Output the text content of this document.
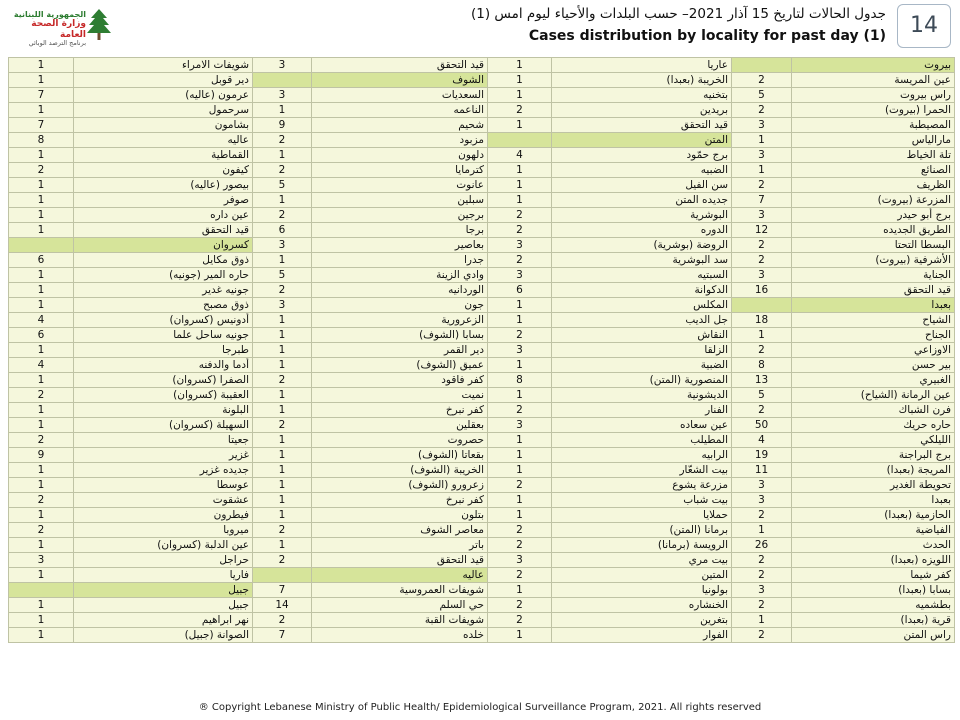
الجمهورية اللبنانية
وزارة الصحة العامة
برنامج الترصد الوبائي
جدول الحالات لتاريخ 15 آذار 2021– حسب البلدات والأحياء ليوم امس (1)
Cases distribution by locality for past day (1)	14
1	شويفات الامراء	3	قيد التحقق	1	عاريا		بيروت
1	دير قوبل		الشوف	1	الخريبة (بعبدا)	2	عين المريسة
7	عرمون (عاليه)	3	السعديات	1	بتخنيه	5	راس بيروت
1	سرحمول	1	الناعمه	2	بريدين	2	الحمرا (بيروت)
7	بشامون	9	شحيم	1	قيد التحقق	3	المصيطبة
8	عاليه	2	مزبود		المتن	1	مارالياس
1	القماطية	1	دلهون	4	برج حمّود	3	تلة الخياط
2	كيفون	2	كترمايا	1	الضبيه	1	الصنائع
1	بيصور (عاليه)	5	عانوت	1	سن الفيل	2	الظريف
1	صوفر	1	سبلين	1	جديده المتن	7	المزرعة (بيروت)
1	عين داره	2	برجين	2	البوشرية	3	برج أبو حيدر
1	قيد التحقق	6	برجا	2	الدوره	12	الطريق الجديده
	كسروان	3	بعاصير	3	الروضة (بوشرية)	2	البسطا التحتا
6	ذوق مكايل	1	جدرا	2	سد البوشرية	2	الأشرفية (بيروت)
1	حاره المير (جونيه)	5	وادي الزينة	3	السبتيه	3	الجناية
1	جونيه غدير	2	الوردانيه	6	الدكوانة	16	قيد التحقق
1	ذوق مصبح	3	جون	1	المكلس		بعبدا
4	أدونيس (كسروان)	1	الزعرورية	1	جل الديب	18	الشياح
6	جونيه ساحل علما	1	بسابا (الشوف)	2	النقاش	1	الجناح
1	طبرجا	1	دير القمر	3	الزلقا	2	الاوزاعي
4	أدما والدفنه	1	عميق (الشوف)	1	الضبية	8	بير حسن
1	الصفرا (كسروان)	2	كفر فاقود	8	المنصورية (المتن)	13	الغبيري
2	العقيبة (كسروان)	1	نميت	1	الديشونية	5	عين الرمانة (الشياح)
1	البلونة	1	كفر نبرخ	2	الفنار	2	فرن الشباك
1	السهيلة (كسروان)	2	بعقلين	3	عين سعاده	50	حاره حريك
2	جعيتا	1	حصروت	1	المطيلب	4	الليلكي
9	غزير	1	بقعاتا (الشوف)	1	الرابيه	19	برج البراجنة
1	جديده غزير	1	الخريبة (الشوف)	1	بيت الشعّار	11	المريجة (بعبدا)
1	عوسطا	1	زعرورو (الشوف)	2	مزرعة يشوع	3	تحويطة الغدير
2	عشقوت	1	كفر نبرخ	1	بيت شباب	3	بعبدا
1	فيطرون	1	بتلون	1	حملايا	2	الحازمية (بعبدا)
2	ميروبا	2	معاصر الشوف	2	برمانا (المتن)	1	الفياضية
1	عين الدلبة (كسروان)	1	باتر	2	الرويسة (برمانا)	26	الحدث
3	حراجل	2	قيد التحقق	3	بيت مري	2	اللويزه (بعبدا)
1	فاريا		عاليه	2	المتين	2	كفر شيما
	جبيل	7	شويفات العمروسية	1	بولونيا	3	بسابا (بعبدا)
1	جبيل	14	حي السلم	2	الخنشاره	2	بطشميه
1	نهر ابراهيم	2	شويفات القبة	2	بتغرين	1	قرية (بعبدا)
1	الصوانة (جبيل)	7	خلده	1	الفوار	2	راس المتن
® Copyright Lebanese Ministry of Public Health/ Epidemiological Surveillance Program, 2021. All rights reserved
